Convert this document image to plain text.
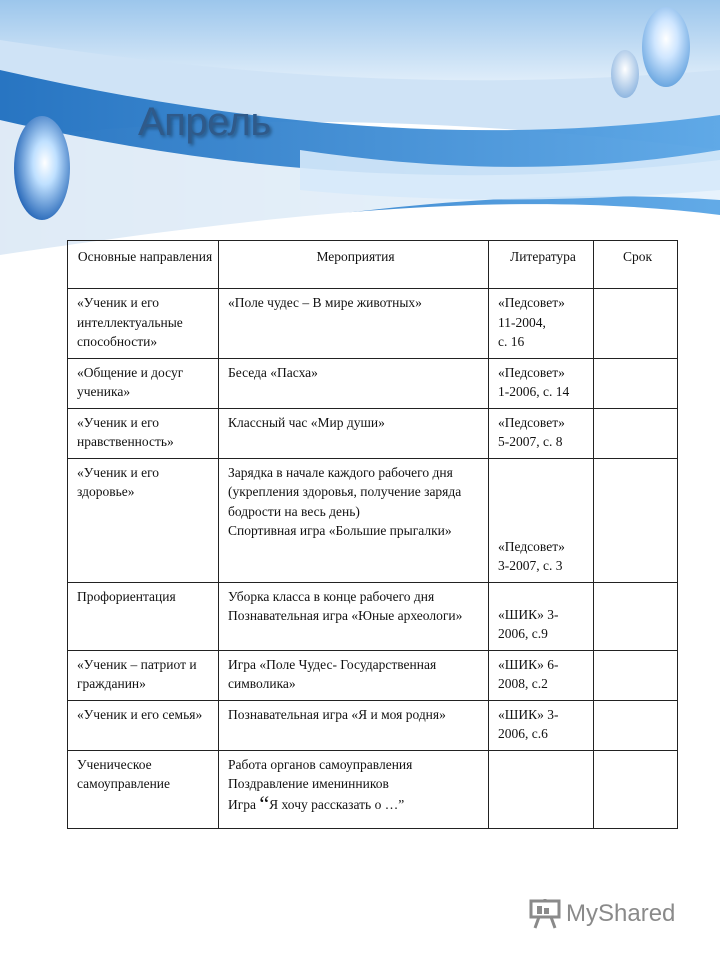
Апрель
Основные направления	Мероприятия	Литература	Срок
«Ученик и его интеллектуальные способности»	«Поле чудес – В мире животных»	«Педсовет»
11-2004,
с. 16	

«Общение и досуг ученика»	Беседа «Пасха»	«Педсовет»
1-2006, с. 14	

«Ученик и его нравственность»	Классный час «Мир души»	«Педсовет»
5-2007, с. 8	

«Ученик и его здоровье»	Зарядка в начале каждого рабочего дня (укрепления здоровья, получение заряда бодрости на весь день)
Спортивная игра «Большие прыгалки»	«Педсовет»
3-2007, с. 3	

Профориентация	Уборка класса в конце рабочего дня
Познавательная игра «Юные археологи»	«ШИК» 3-2006, с.9	

«Ученик – патриот и гражданин»	Игра «Поле Чудес- Государственная символика»	«ШИК» 6-2008, с.2	

«Ученик и его семья»	Познавательная игра «Я и моя родня»	«ШИК» 3-2006, с.6	

Ученическое самоуправление	Работа органов самоуправления
Поздравление именинников
Игра “Я хочу рассказать о …”		

MyShared
